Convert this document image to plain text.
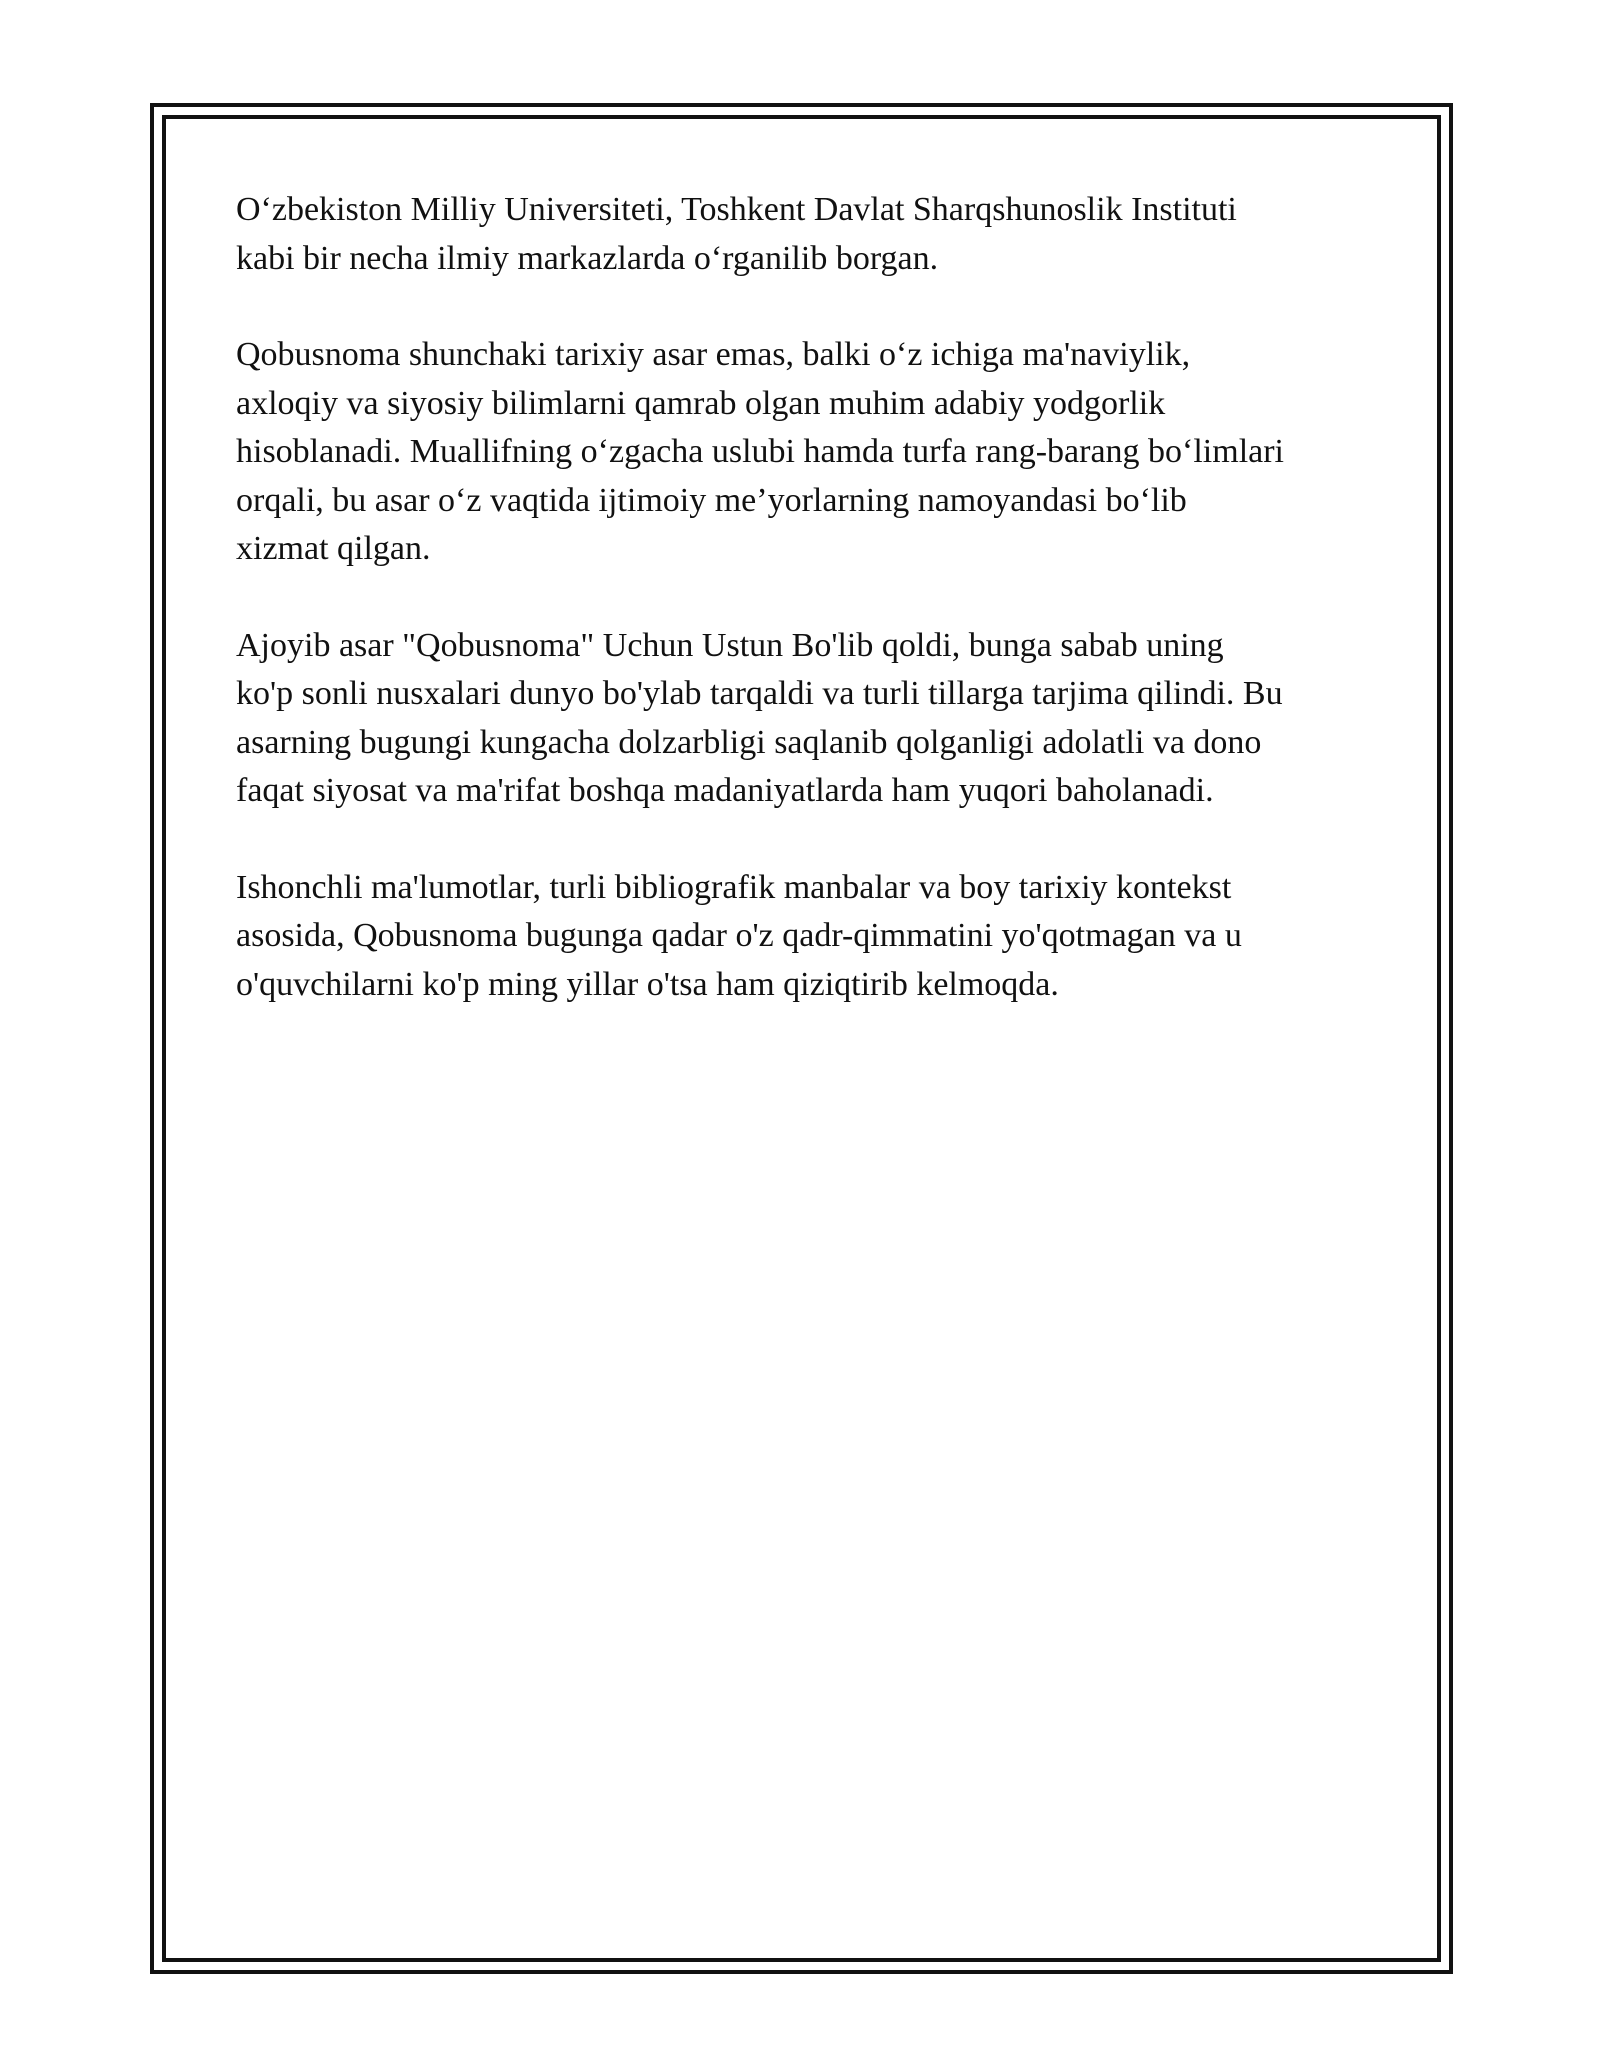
O‘zbekiston Milliy Universiteti, Toshkent Davlat Sharqshunoslik Instituti
kabi bir necha ilmiy markazlarda o‘rganilib borgan.

Qobusnoma shunchaki tarixiy asar emas, balki o‘z ichiga ma'naviylik,
axloqiy va siyosiy bilimlarni qamrab olgan muhim adabiy yodgorlik
hisoblanadi. Muallifning o‘zgacha uslubi hamda turfa rang-barang bo‘limlari
orqali, bu asar o‘z vaqtida ijtimoiy me’yorlarning namoyandasi bo‘lib
xizmat qilgan.

Ajoyib asar "Qobusnoma" Uchun Ustun Bo'lib qoldi, bunga sabab uning
ko'p sonli nusxalari dunyo bo'ylab tarqaldi va turli tillarga tarjima qilindi. Bu
asarning bugungi kungacha dolzarbligi saqlanib qolganligi adolatli va dono
faqat siyosat va ma'rifat boshqa madaniyatlarda ham yuqori baholanadi.

Ishonchli ma'lumotlar, turli bibliografik manbalar va boy tarixiy kontekst
asosida, Qobusnoma bugunga qadar o'z qadr-qimmatini yo'qotmagan va u
o'quvchilarni ko'p ming yillar o'tsa ham qiziqtirib kelmoqda.
